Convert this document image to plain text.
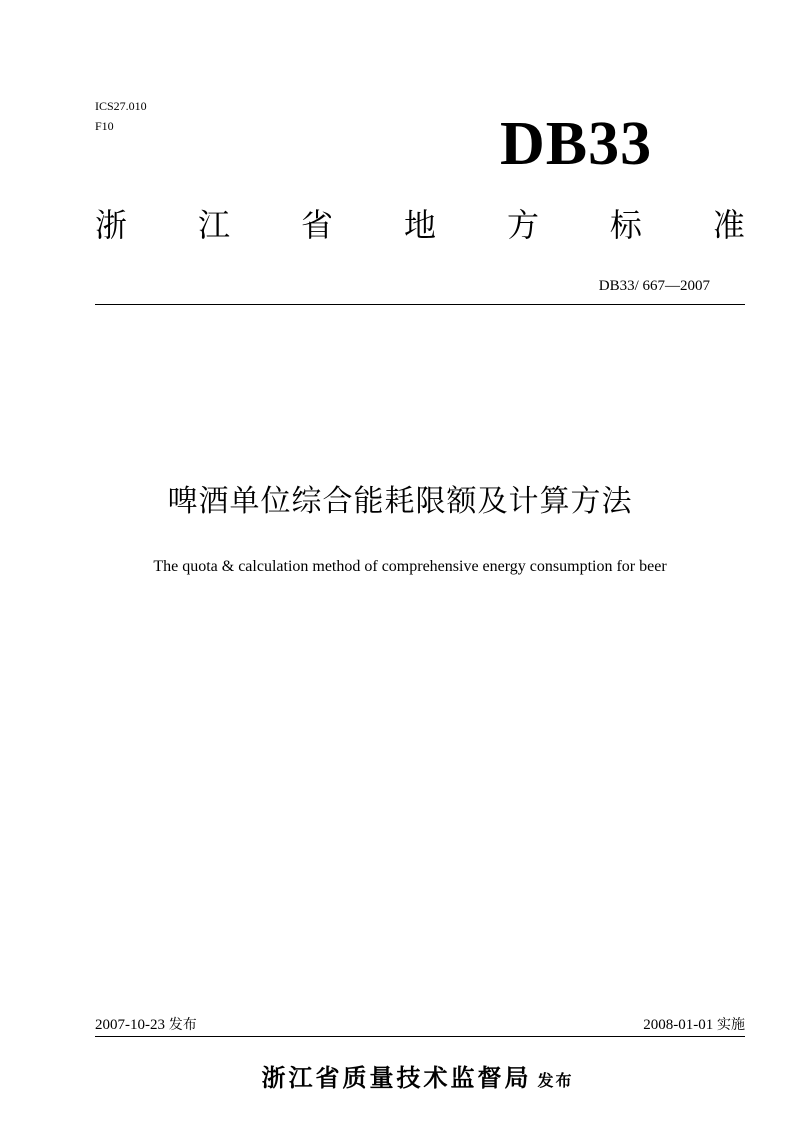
ICS27.010
F10	DB33
浙 江 省 地 方 标 准
DB33/ 667—2007
啤酒单位综合能耗限额及计算方法
The quota & calculation method of comprehensive energy consumption for beer
2007-10-23 发布	2008-01-01 实施
浙江省质量技术监督局 发布
